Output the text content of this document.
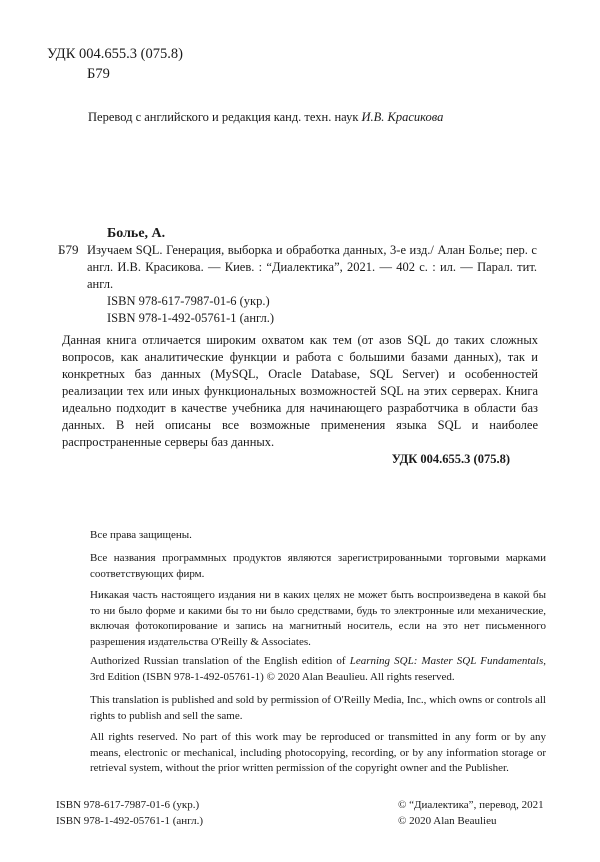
УДК 004.655.3 (075.8)
Б79
Перевод с английского и редакция канд. техн. наук И.В. Красикова
Болье, А.
Б79 Изучаем SQL. Генерация, выборка и обработка данных, 3-е изд./ Алан Болье; пер. с англ. И.В. Красикова. — Киев. : “Диалектика”, 2021. — 402 с. : ил. — Парал. тит. англ.

ISBN 978-617-7987-01-6 (укр.)
ISBN 978-1-492-05761-1 (англ.)

Данная книга отличается широким охватом как тем (от азов SQL до таких сложных вопросов, как аналитические функции и работа с большими базами данных), так и конкретных баз данных (MySQL, Oracle Database, SQL Server) и особенностей реализации тех или иных функциональных возможностей SQL на этих серверах. Книга идеально подходит в качестве учебника для начинающего разработчика в области баз данных. В ней описаны все возможные применения языка SQL и наиболее распространенные серверы баз данных.

УДК 004.655.3 (075.8)

Все права защищены.

Все названия программных продуктов являются зарегистрированными торговыми марками соответствующих фирм.

Никакая часть настоящего издания ни в каких целях не может быть воспроизведена в какой бы то ни было форме и какими бы то ни было средствами, будь то электронные или механические, включая фотокопирование и запись на магнитный носитель, если на это нет письменного разрешения издательства O'Reilly & Associates.

Authorized Russian translation of the English edition of Learning SQL: Master SQL Fundamentals, 3rd Edition (ISBN 978-1-492-05761-1) © 2020 Alan Beaulieu. All rights reserved.

This translation is published and sold by permission of O'Reilly Media, Inc., which owns or controls all rights to publish and sell the same.

All rights reserved. No part of this work may be reproduced or transmitted in any form or by any means, electronic or mechanical, including photocopying, recording, or by any information storage or retrieval system, without the prior written permission of the copyright owner and the Publisher.

ISBN 978-617-7987-01-6 (укр.)
ISBN 978-1-492-05761-1 (англ.)
© “Диалектика”, перевод, 2021
© 2020 Alan Beaulieu
